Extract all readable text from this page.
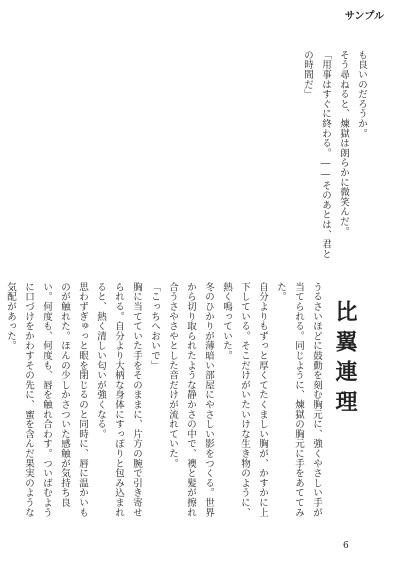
サンプル
も良いのだろうか。
そう尋ねると、煉獄は朗らかに微笑んだ。
「用事はすぐに終わる。――そのあとは、君との時間だ」
比翼連理
うるさいほどに鼓動を刻む胸元に、強くやさしい手が当てられる。同じように、煉獄の胸元に手をあててみた。
自分よりもずっと厚くてたくましい胸が、かすかに上下している。そこだけがいたいけな生き物のように、熱く鳴っていた。
冬のひかりが薄暗い部屋にやさしい影をつくる。世界から切り取られたような静かさの中で、襖と髪が擦れ合うさやさやとした音だけが流れていた。
「こっちへおいで」
胸に当てていた手をそのままに、片方の腕で引き寄せられる。自分より大柄な身体にすっぽりと包み込まれると、熱く清しい匂いが強くなる。
思わずぎゅっと眼を閉じるのと同時に、唇に温かいものが触れた。ほんの少しかさついた感触が気持ち良い。何度も、何度も、唇を触れ合わす。ついばむように口づけをかわすその先に、蜜を含んだ果実のような気配があった。

6
